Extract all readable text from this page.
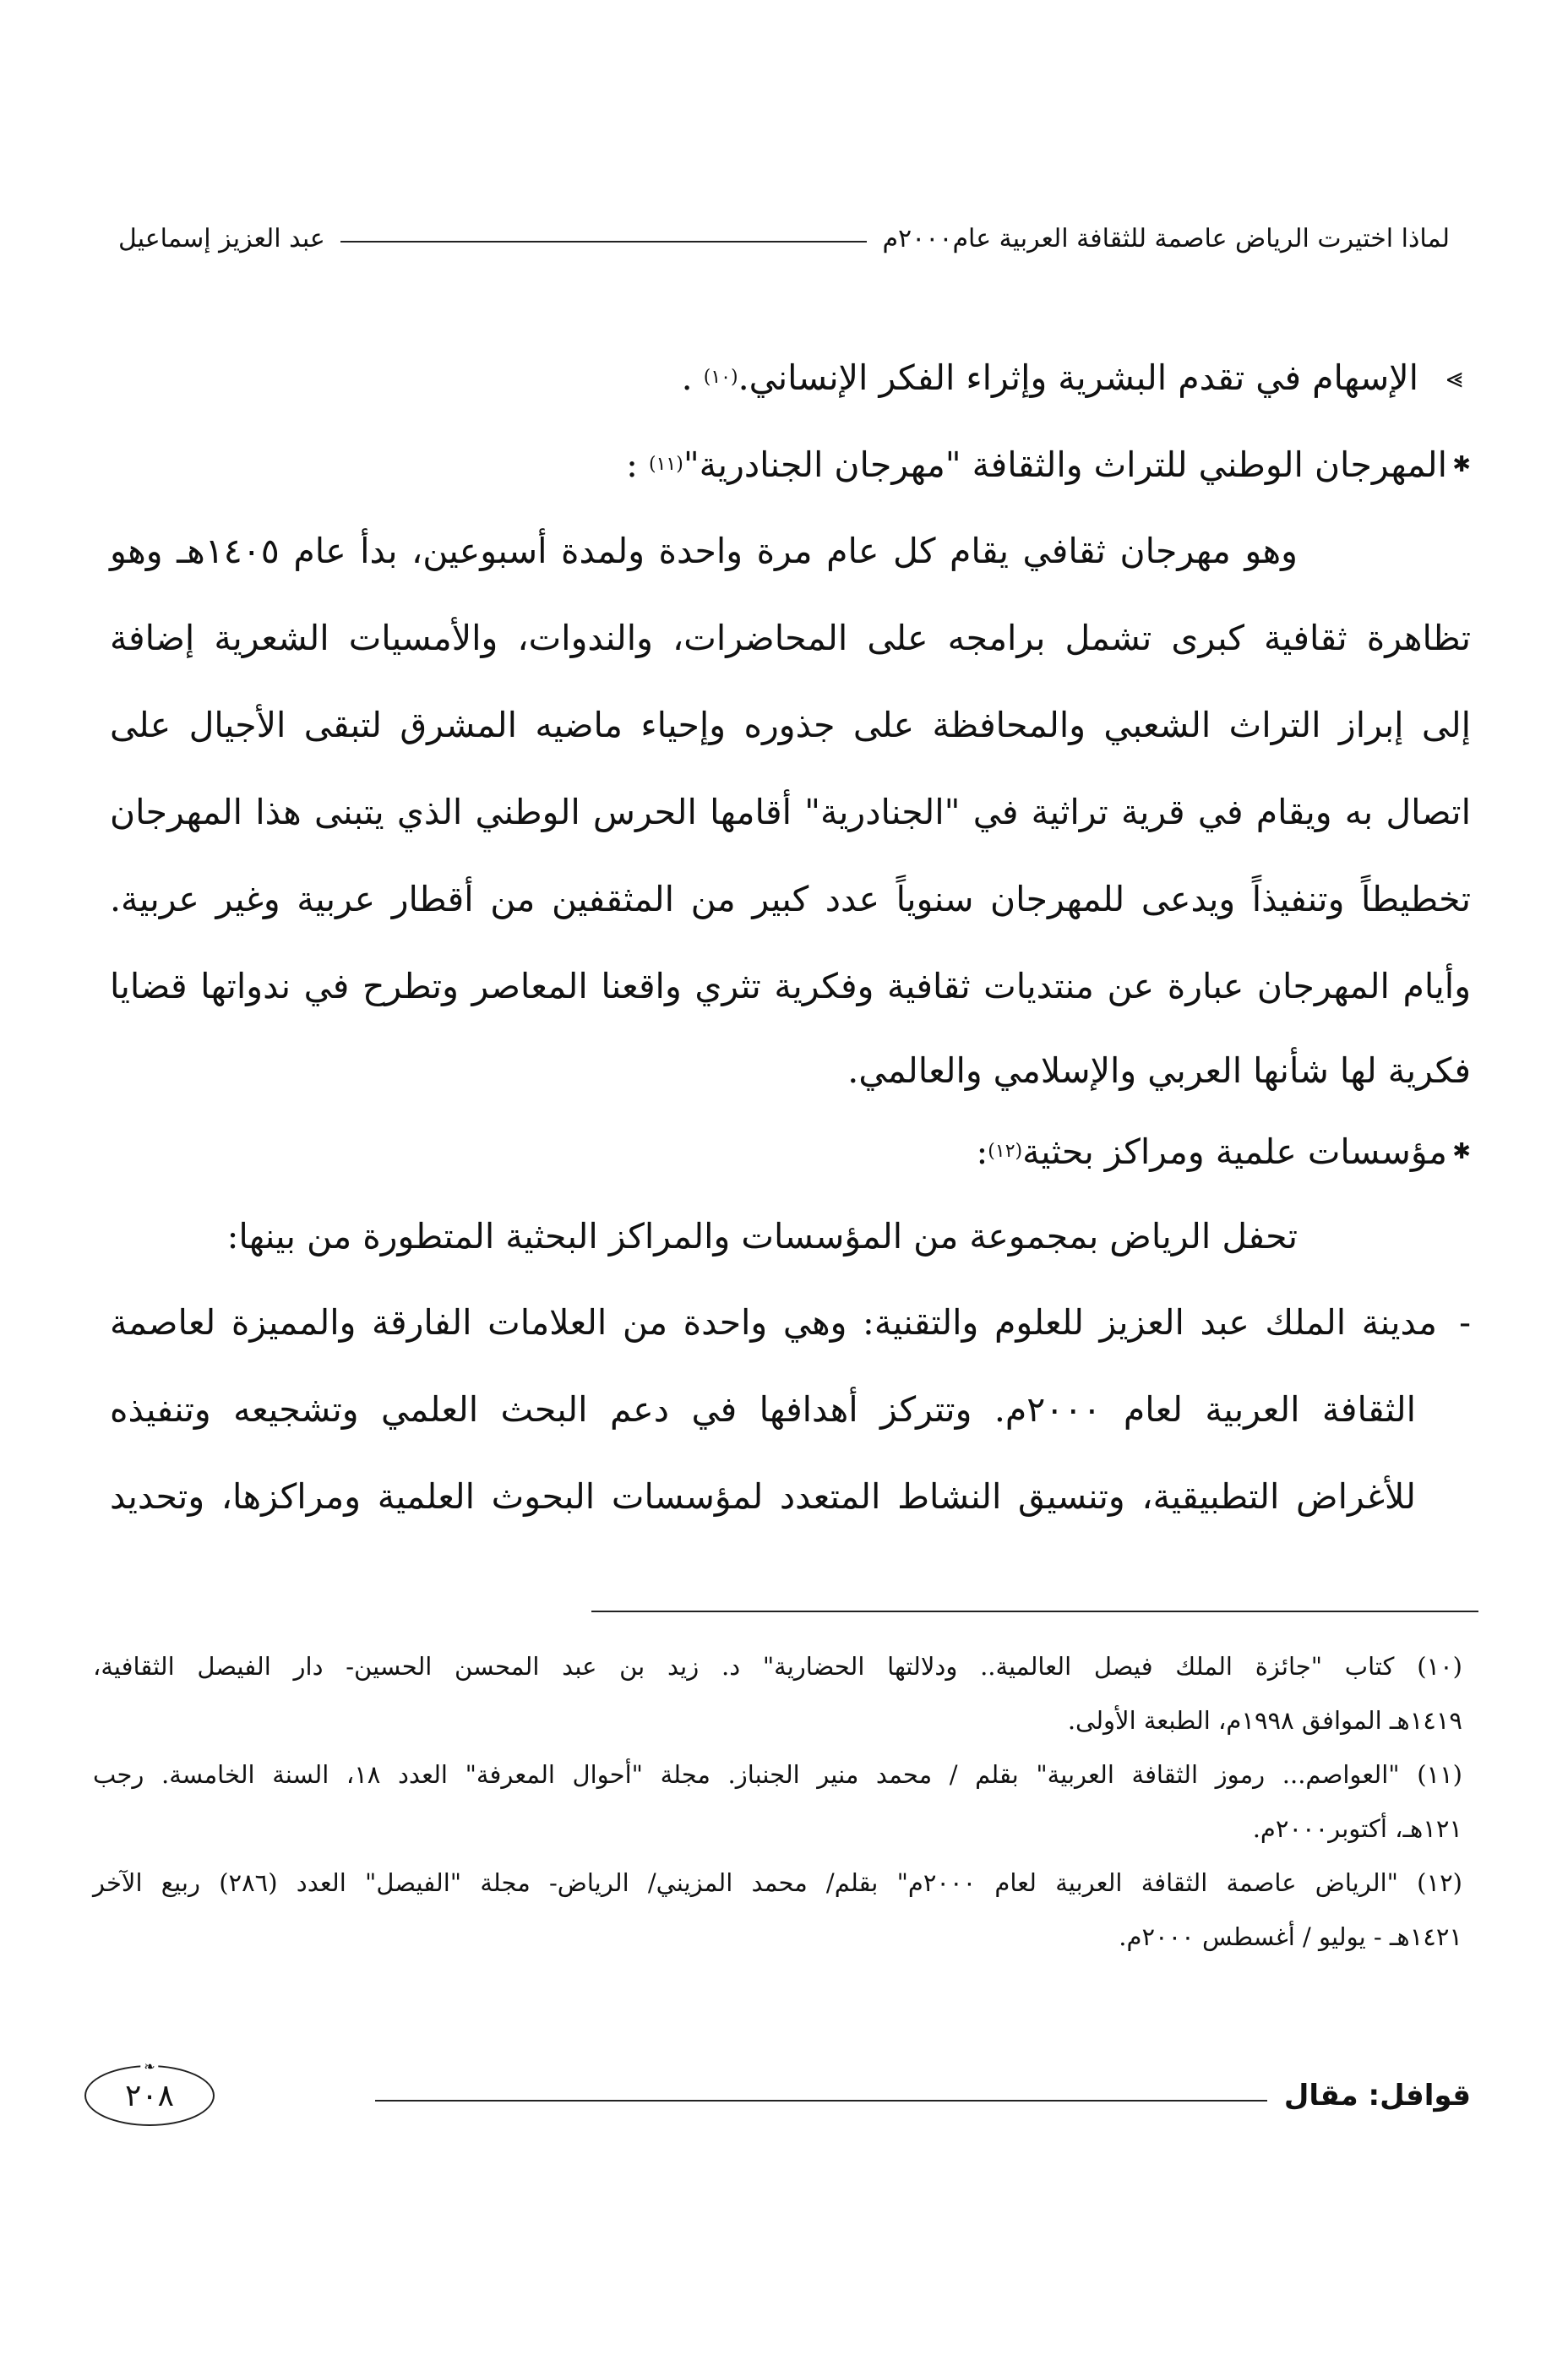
لماذا اختيرت الرياض عاصمة للثقافة العربية عام٢٠٠٠م
عبد العزيز إسماعيل
⪢
الإسهام في تقدم البشرية وإثراء الفكر الإنساني.
(١٠)
.
✱
المهرجان الوطني للتراث والثقافة "مهرجان الجنادرية"
(١١)
:
وهو مهرجان ثقافي يقام كل عام مرة واحدة ولمدة أسبوعين، بدأ عام ١٤٠٥هـ وهو
تظاهرة ثقافية كبرى تشمل برامجه على المحاضرات، والندوات، والأمسيات الشعرية إضافة
إلى إبراز التراث الشعبي والمحافظة على جذوره وإحياء ماضيه المشرق لتبقى الأجيال على
اتصال به ويقام في قرية تراثية في "الجنادرية" أقامها الحرس الوطني الذي يتبنى هذا المهرجان
تخطيطاً وتنفيذاً ويدعى للمهرجان سنوياً عدد كبير من المثقفين من أقطار عربية وغير عربية.
وأيام المهرجان عبارة عن منتديات ثقافية وفكرية تثري واقعنا المعاصر وتطرح في ندواتها قضايا
فكرية لها شأنها العربي والإسلامي والعالمي.
✱
مؤسسات علمية ومراكز بحثية
(١٢)
:
تحفل الرياض بمجموعة من المؤسسات والمراكز البحثية المتطورة من بينها:
-مدينة الملك عبد العزيز للعلوم والتقنية: وهي واحدة من العلامات الفارقة والمميزة لعاصمة
الثقافة العربية لعام ٢٠٠٠م. وتتركز أهدافها في دعم البحث العلمي وتشجيعه وتنفيذه
للأغراض التطبيقية، وتنسيق النشاط المتعدد لمؤسسات البحوث العلمية ومراكزها، وتحديد
(١٠) كتاب "جائزة الملك فيصل العالمية.. ودلالتها الحضارية" د. زيد بن عبد المحسن الحسين- دار الفيصل الثقافية،
١٤١٩هـ الموافق ١٩٩٨م، الطبعة الأولى.
(١١) "العواصم... رموز الثقافة العربية" بقلم / محمد منير الجنباز. مجلة "أحوال المعرفة" العدد ١٨، السنة الخامسة. رجب
١٢١هـ، أكتوبر٢٠٠٠م.
(١٢) "الرياض عاصمة الثقافة العربية لعام ٢٠٠٠م" بقلم/ محمد المزيني/ الرياض- مجلة "الفيصل" العدد (٢٨٦) ربيع الآخر
١٤٢١هـ - يوليو / أغسطس ٢٠٠٠م.
قوافل: مقال
❧
٢٠٨
